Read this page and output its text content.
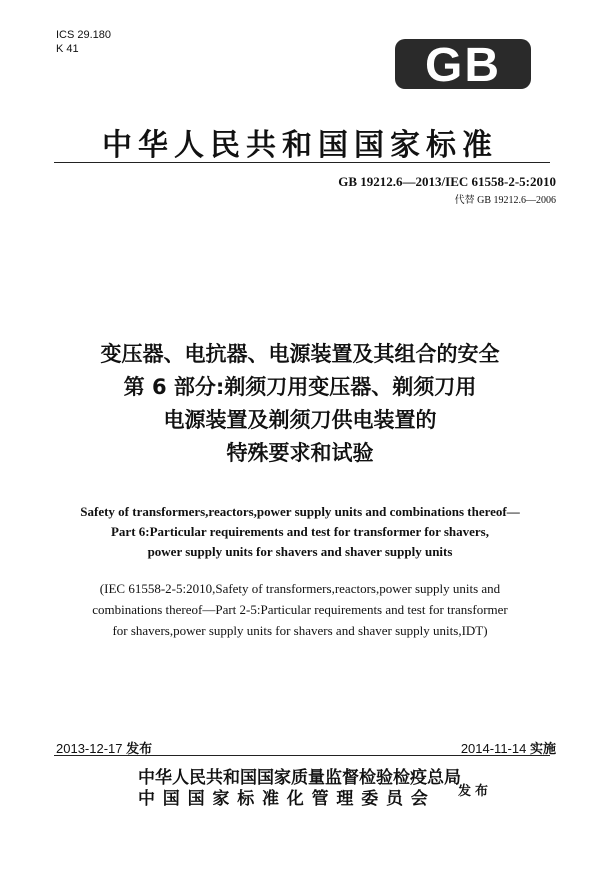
ICS 29.180
K 41	GB
中华人民共和国国家标准
GB 19212.6—2013/IEC 61558-2-5:2010
代替 GB 19212.6—2006
变压器、电抗器、电源装置及其组合的安全
第 6 部分:剃须刀用变压器、剃须刀用
电源装置及剃须刀供电装置的
特殊要求和试验
Safety of transformers,reactors,power supply units and combinations thereof—
Part 6:Particular requirements and test for transformer for shavers,
power supply units for shavers and shaver supply units
(IEC 61558-2-5:2010,Safety of transformers,reactors,power supply units and
combinations thereof—Part 2-5:Particular requirements and test for transformer
for shavers,power supply units for shavers and shaver supply units,IDT)
2013-12-17 发布	2014-11-14 实施
中华人民共和国国家质量监督检验检疫总局
中国国家标准化管理委员会	发布
